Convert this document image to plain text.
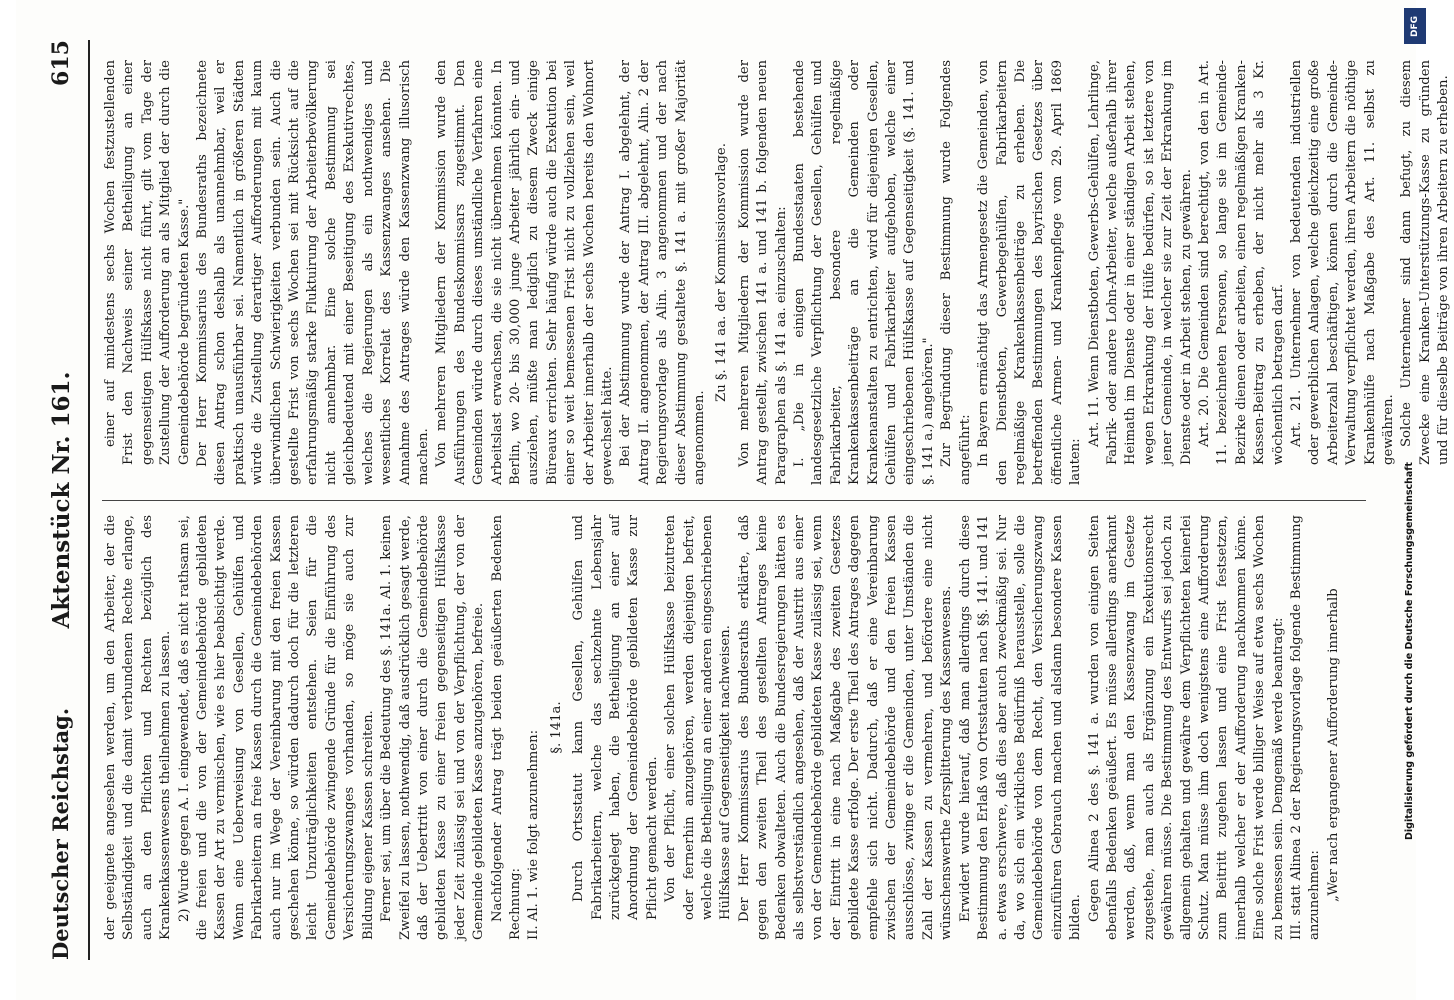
Deutscher Reichstag.
Aktenstück Nr. 161.
615

der geeignete angesehen werden, um den Arbeiter, der die Selbständigkeit und die damit verbundenen Rechte erlange, auch an den Pflichten und Rechten bezüglich des Krankenkassenwesens theilnehmen zu lassen. 2) Wurde gegen A. I. eingewendet, daß es nicht rathsam sei, die freien und die von der Gemeindebehörde gebildeten Kassen der Art zu vermischen, wie es hier beabsichtigt werde. Wenn eine Ueberweisung von Gesellen, Gehülfen und Fabrikarbeitern an freie Kassen durch die Gemeindebehörden auch nur im Wege der Vereinbarung mit den freien Kassen geschehen könne, so würden dadurch doch für die letzteren leicht Unzuträglichkeiten entstehen. Seien für die Gemeindebehörde zwingende Gründe für die Einführung des Versicherungszwanges vorhanden, so möge sie auch zur Bildung eigener Kassen schreiten. Ferner sei, um über die Bedeutung des §. 141a. Al. 1. keinen Zweifel zu lassen, nothwendig, daß ausdrücklich gesagt werde, daß der Uebertritt von einer durch die Gemeindebehörde gebildeten Kasse zu einer freien gegenseitigen Hülfskasse jeder Zeit zulässig sei und von der Verpflichtung, der von der Gemeinde gebildeten Kasse anzugehören, befreie. Nachfolgender Antrag trägt beiden geäußerten Bedenken Rechnung: II. Al. 1. wie folgt anzunehmen:

§. 141a. Durch Ortsstatut kann Gesellen, Gehülfen und Fabrikarbeitern, welche das sechzehnte Lebensjahr zurückgelegt haben, die Betheiligung an einer auf Anordnung der Gemeindebehörde gebildeten Kasse zur Pflicht gemacht werden. Von der Pflicht, einer solchen Hülfskasse beizutreten oder fernerhin anzugehören, werden diejenigen befreit, welche die Betheiligung an einer anderen eingeschriebenen Hülfskasse auf Gegenseitigkeit nachweisen. Der Herr Kommissarius des Bundesraths erklärte, daß gegen den zweiten Theil des gestellten Antrages keine Bedenken obwalteten. Auch die Bundesregierungen hätten es als selbstverständlich angesehen, daß der Austritt aus einer von der Gemeindebehörde gebildeten Kasse zulässig sei, wenn der Eintritt in eine nach Maßgabe des zweiten Gesetzes gebildete Kasse erfolge. Der erste Theil des Antrages dagegen empfehle sich nicht. Dadurch, daß er eine Vereinbarung zwischen der Gemeindebehörde und den freien Kassen ausschlösse, zwinge er die Gemeinden, unter Umständen die Zahl der Kassen zu vermehren, und befördere eine nicht wünschenswerthe Zersplitterung des Kassenwesens. Erwidert wurde hierauf, daß man allerdings durch diese Bestimmung den Erlaß von Ortsstatuten nach §§. 141. und 141 a. etwas erschwere, daß dies aber auch zweckmäßig sei. Nur da, wo sich ein wirkliches Bedürfniß herausstelle, solle die Gemeindebehörde von dem Recht, den Versicherungszwang einzuführen Gebrauch machen und alsdann besondere Kassen bilden. Gegen Alinea 2 des §. 141 a. wurden von einigen Seiten ebenfalls Bedenken geäußert. Es müsse allerdings anerkannt werden, daß, wenn man den Kassenzwang im Gesetze zugestehe, man auch als Ergänzung ein Exekutionsrecht gewähren müsse. Die Bestimmung des Entwurfs sei jedoch zu allgemein gehalten und gewähre dem Verpflichteten keinerlei Schutz. Man müsse ihm doch wenigstens eine Aufforderung zum Beitritt zugehen lassen und eine Frist festsetzen, innerhalb welcher er der Aufforderung nachkommen könne. Eine solche Frist werde billiger Weise auf etwa sechs Wochen zu bemessen sein. Demgemäß werde beantragt: III. statt Alinea 2 der Regierungsvorlage folgende Bestimmung anzunehmen: „Wer nach ergangener Aufforderung innerhalb

einer auf mindestens sechs Wochen festzustellenden Frist den Nachweis seiner Betheiligung an einer gegenseitigen Hülfskasse nicht führt, gilt vom Tage der Zustellung der Aufforderung an als Mitglied der durch die Gemeindebehörde begründeten Kasse." Der Herr Kommissarius des Bundesraths bezeichnete diesen Antrag schon deshalb als unannehmbar, weil er praktisch unausführbar sei. Namentlich in größeren Städten würde die Zustellung derartiger Aufforderungen mit kaum überwindlichen Schwierigkeiten verbunden sein. Auch die gestellte Frist von sechs Wochen sei mit Rücksicht auf die erfahrungsmäßig starke Fluktuirung der Arbeiterbevölkerung nicht annehmbar. Eine solche Bestimmung sei gleichbedeutend mit einer Beseitigung des Exekutivrechtes, welches die Regierungen als ein nothwendiges und wesentliches Korrelat des Kassenzwanges ansehen. Die Annahme des Antrages würde den Kassenzwang illusorisch machen. Von mehreren Mitgliedern der Kommission wurde den Ausführungen des Bundeskommissars zugestimmt. Den Gemeinden würde durch dieses umständliche Verfahren eine Arbeitslast erwachsen, die sie nicht übernehmen könnten. In Berlin, wo 20- bis 30,000 junge Arbeiter jährlich ein- und ausziehen, müßte man lediglich zu diesem Zweck einige Büreaux errichten. Sehr häufig würde auch die Exekution bei einer so weit bemessenen Frist nicht zu vollziehen sein, weil der Arbeiter innerhalb der sechs Wochen bereits den Wohnort gewechselt hätte. Bei der Abstimmung wurde der Antrag I. abgelehnt, der Antrag II. angenommen, der Antrag III. abgelehnt, Alin. 2 der Regierungsvorlage als Alin. 3 angenommen und der nach dieser Abstimmung gestaltete §. 141 a. mit großer Majorität angenommen.

Zu §. 141 aa. der Kommissionsvorlage. Von mehreren Mitgliedern der Kommission wurde der Antrag gestellt, zwischen 141 a. und 141 b. folgenden neuen Paragraphen als §. 141 aa. einzuschalten: I. „Die in einigen Bundesstaaten bestehende landesgesetzliche Verpflichtung der Gesellen, Gehülfen und Fabrikarbeiter, besondere regelmäßige Krankenkassenbeiträge an die Gemeinden oder Krankenanstalten zu entrichten, wird für diejenigen Gesellen, Gehülfen und Fabrikarbeiter aufgehoben, welche einer eingeschriebenen Hülfskasse auf Gegenseitigkeit (§. 141. und §. 141 a.) angehören." Zur Begründung dieser Bestimmung wurde Folgendes angeführt: In Bayern ermächtigt das Armengesetz die Gemeinden, von den Dienstboten, Gewerbegehülfen, Fabrikarbeitern regelmäßige Krankenkassenbeiträge zu erheben. Die betreffenden Bestimmungen des bayrischen Gesetzes über öffentliche Armen- und Krankenpflege vom 29. April 1869 lauten:

Art. 11. Wenn Dienstboten, Gewerbs-Gehülfen, Lehrlinge, Fabrik- oder andere Lohn-Arbeiter, welche außerhalb ihrer Heimath im Dienste oder in einer ständigen Arbeit stehen, wegen Erkrankung der Hülfe bedürfen, so ist letztere von jener Gemeinde, in welcher sie zur Zeit der Erkrankung im Dienste oder in Arbeit stehen, zu gewähren. Art. 20. Die Gemeinden sind berechtigt, von den in Art. 11. bezeichneten Personen, so lange sie im Gemeinde-Bezirke dienen oder arbeiten, einen regelmäßigen Kranken-Kassen-Beitrag zu erheben, der nicht mehr als 3 Kr. wöchentlich betragen darf. Art. 21. Unternehmer von bedeutenden industriellen oder gewerblichen Anlagen, welche gleichzeitig eine große Arbeiterzahl beschäftigen, können durch die Gemeinde-Verwaltung verpflichtet werden, ihren Arbeitern die nöthige Krankenhülfe nach Maßgabe des Art. 11. selbst zu gewähren. Solche Unternehmer sind dann befugt, zu diesem Zwecke eine Kranken-Unterstützungs-Kasse zu gründen und für dieselbe Beiträge von ihren Arbeitern zu erheben.

DFG
Digitalisierung gefördert durch die Deutsche Forschungsgemeinschaft
